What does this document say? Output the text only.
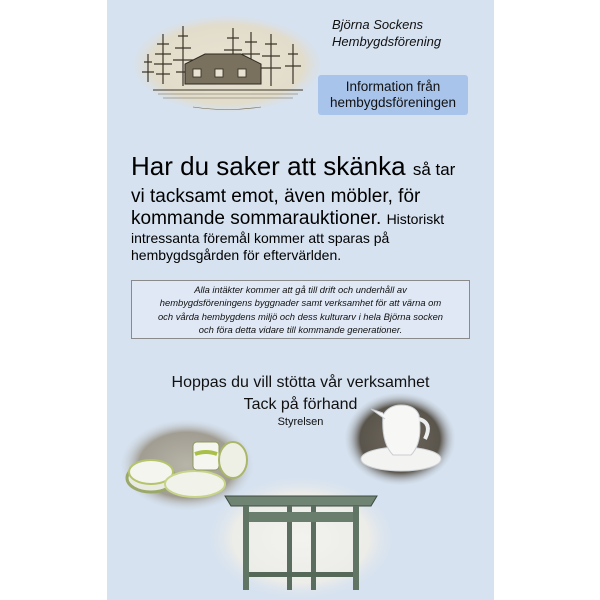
Björna Sockens
Hembygdsförening
Information från
hembygdsföreningen
Har du saker att skänka så tar
vi tacksamt emot, även möbler, för
kommande sommarauktioner. Historiskt
intressanta föremål kommer att sparas på
hembygdsgården för eftervärlden.
Alla intäkter kommer att gå till drift och underhåll av
hembygdsföreningens byggnader samt verksamhet för att värna om
och vårda hembygdens miljö och dess kulturarv i hela Björna socken
och föra detta vidare till kommande generationer.
Hoppas du vill stötta vår verksamhet
Tack på förhand
Styrelsen
